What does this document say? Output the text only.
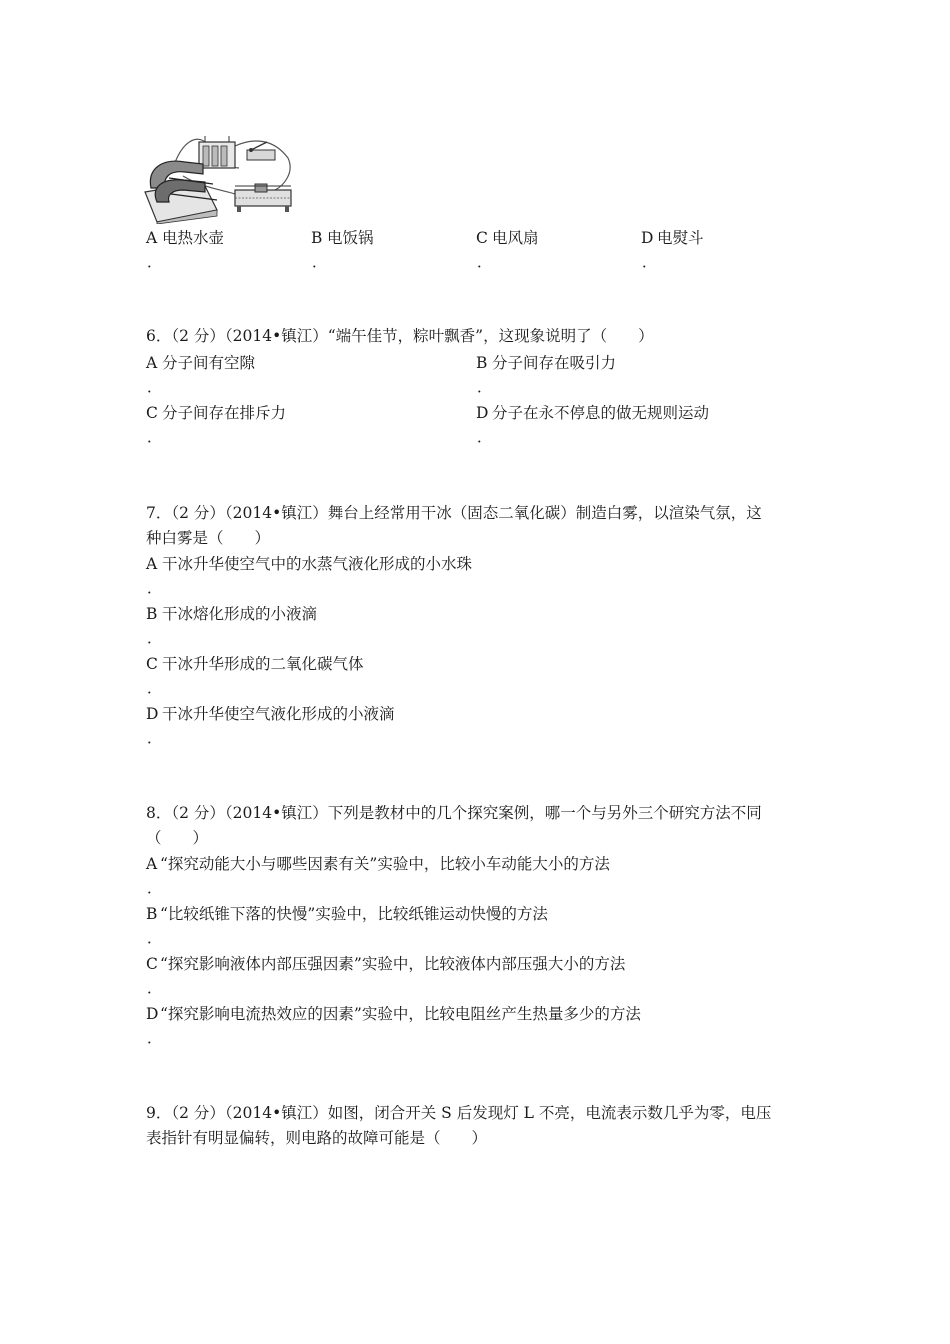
A 电热水壶
．
B 电饭锅
．
C 电风扇
．
D 电熨斗
．
6．（2 分）（2014•镇江）“端午佳节，粽叶飘香”，这现象说明了（　　）
A 分子间有空隙
．
B 分子间存在吸引力
．
C 分子间存在排斥力
．
D 分子在永不停息的做无规则运动
．
7．（2 分）（2014•镇江）舞台上经常用干冰（固态二氧化碳）制造白雾，以渲染气氛，这
种白雾是（　　）
A 干冰升华使空气中的水蒸气液化形成的小水珠
．
B 干冰熔化形成的小液滴
．
C 干冰升华形成的二氧化碳气体
．
D 干冰升华使空气液化形成的小液滴
．
8．（2 分）（2014•镇江）下列是教材中的几个探究案例，哪一个与另外三个研究方法不同
（　　）
A “探究动能大小与哪些因素有关”实验中，比较小车动能大小的方法
．
B “比较纸锥下落的快慢”实验中，比较纸锥运动快慢的方法
．
C “探究影响液体内部压强因素”实验中，比较液体内部压强大小的方法
．
D “探究影响电流热效应的因素”实验中，比较电阻丝产生热量多少的方法
．
9．（2 分）（2014•镇江）如图，闭合开关 S 后发现灯 L 不亮，电流表示数几乎为零，电压
表指针有明显偏转，则电路的故障可能是（　　）
